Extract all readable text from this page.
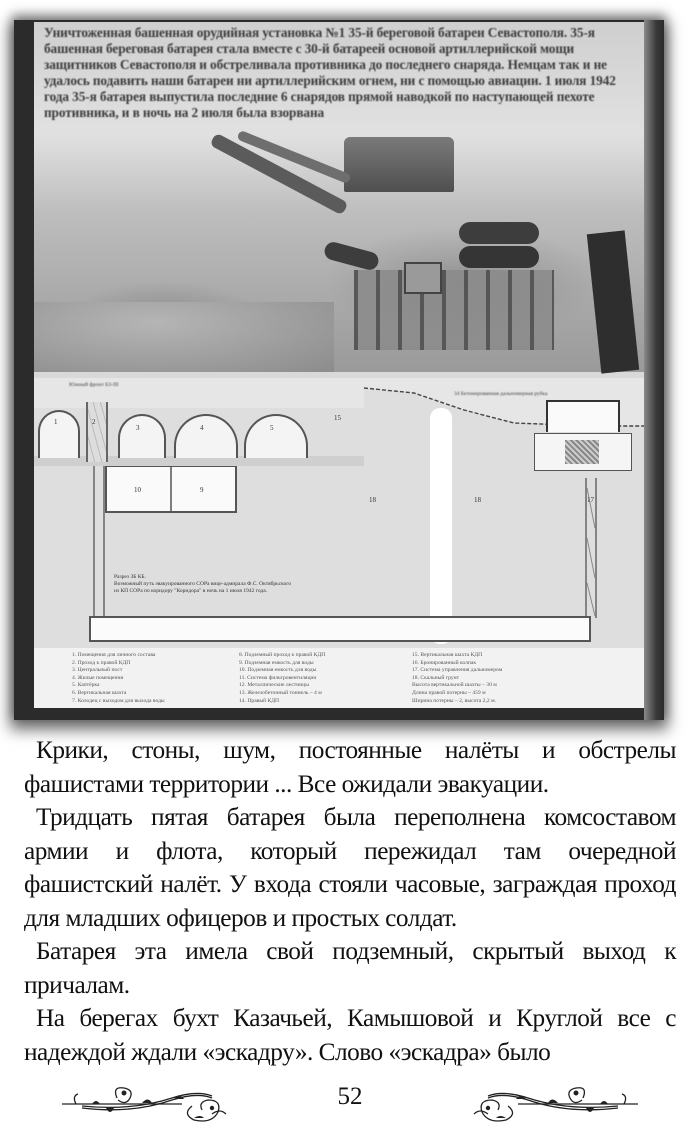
Уничтоженная башенная орудийная установка №1 35-й береговой батареи Севастополя. 35-я башенная береговая батарея стала вместе с 30-й батареей основой артиллерийской мощи защитников Севастополя и обстреливала противника до последнего снаряда. Немцам так и не удалось подавить наши батареи ни артиллерийским огнем, ни с помощью авиации. 1 июля 1942 года 35-я батарея выпустила последние 6 снарядов прямой наводкой по наступающей пехоте противника, и в ночь на 2 июля была взорвана
Южный фронт БЗ-III
34 Бетонированная дальномерная рубка
1	2
3	4	5
10	9
15
18	18	17
Разрез ЗБ КБ.
Возможный путь эвакуированного СОРа вице-адмирала Ф.С. Октябрьского
из КП СОРа по коридору "Коридора" в ночь на 1 июля 1942 года.
1. Помещения для личного состава
2. Проход к правой КДП
3. Центральный пост
4. Жилые помещения
5. Каптёрка
6. Вертикальная шахта
7. Колодец с выходом для выхода воды
8. Подземный проход к правой КДП
9. Подземная емкость для воды
10. Подземная емкость для воды
11. Система фильтровентиляции
12. Металлические лестницы
13. Железобетонный тоннель – 4 м
14. Правый КДП
15. Вертикальная шахта КДП
16. Бронированный колпак
17. Система управления дальномером
18. Скальный грунт
Высота вертикальной шахты – 30 м
Длина правой потерны – 459 м
Ширина потерны – 2, высота 2,2 м.

Крики, стоны, шум, постоянные налёты и обстрелы фашистами территории ... Все ожидали эвакуации.

Тридцать пятая батарея была переполнена комсоставом армии и флота, который пережидал там очередной фашистский налёт. У входа стояли часовые, заграждая проход для младших офицеров и простых солдат.

Батарея эта имела свой подземный, скрытый выход к причалам.

На берегах бухт Казачьей, Камышовой и Круглой все с надеждой ждали «эскадру». Слово «эскадра» было

52
